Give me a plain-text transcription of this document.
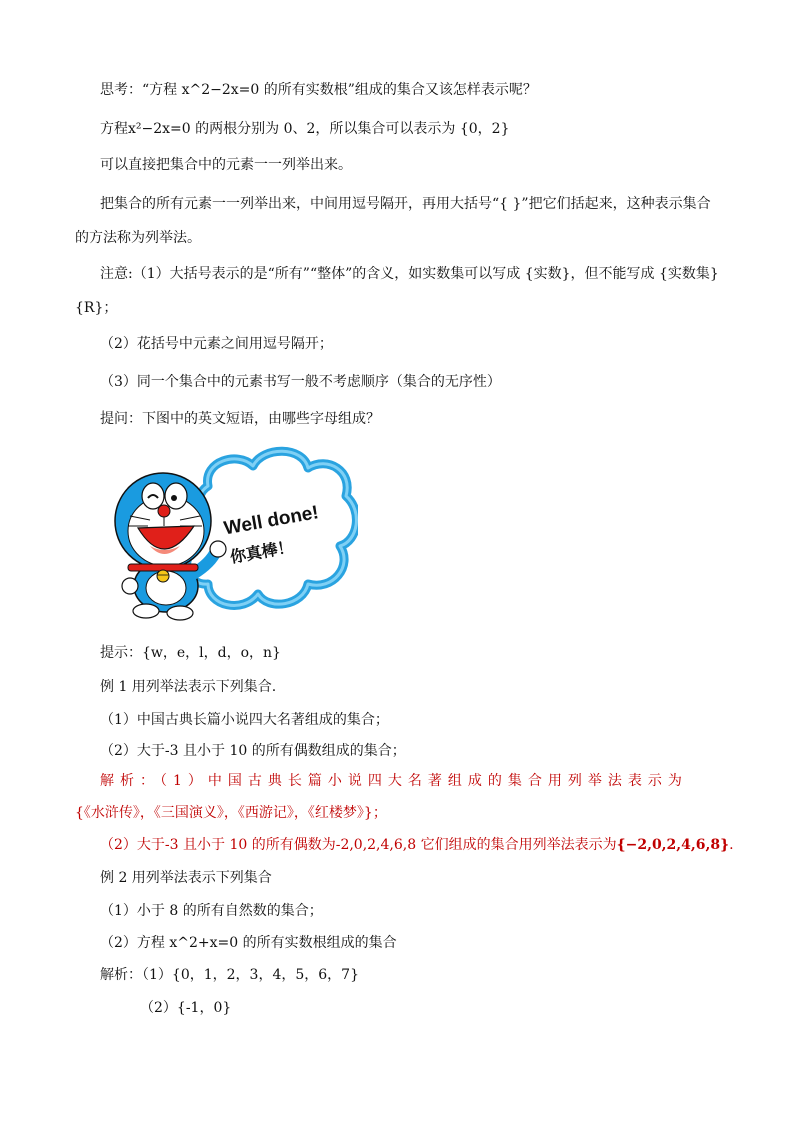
思考：“方程 x^2−2x=0 的所有实数根”组成的集合又该怎样表示呢？
方程x²−2x=0 的两根分别为 0、2，所以集合可以表示为 {0，2}
可以直接把集合中的元素一一列举出来。
把集合的所有元素一一列举出来，中间用逗号隔开，再用大括号“{ }”把它们括起来，这种表示集合
的方法称为列举法。
注意:（1）大括号表示的是“所有”“整体”的含义，如实数集可以写成 {实数}，但不能写成 {实数集}
{R}；
（2）花括号中元素之间用逗号隔开；
（3）同一个集合中的元素书写一般不考虑顺序（集合的无序性）
提问：下图中的英文短语，由哪些字母组成？
Well done!
你真棒！
提示：{w，e，l，d，o，n}
例 1 用列举法表示下列集合.
（1）中国古典长篇小说四大名著组成的集合；
（2）大于-3 且小于 10 的所有偶数组成的集合；
解析：（1）中国古典长篇小说四大名著组成的集合用列举法表示为
{《水浒传》，《三国演义》，《西游记》，《红楼梦》}；
（2）大于-3 且小于 10 的所有偶数为-2,0,2,4,6,8 它们组成的集合用列举法表示为{−2,0,2,4,6,8}.
例 2 用列举法表示下列集合
（1）小于 8 的所有自然数的集合；
（2）方程 x^2+x=0 的所有实数根组成的集合
解析：（1）{0，1，2，3，4，5，6，7}
（2）{-1，0}
